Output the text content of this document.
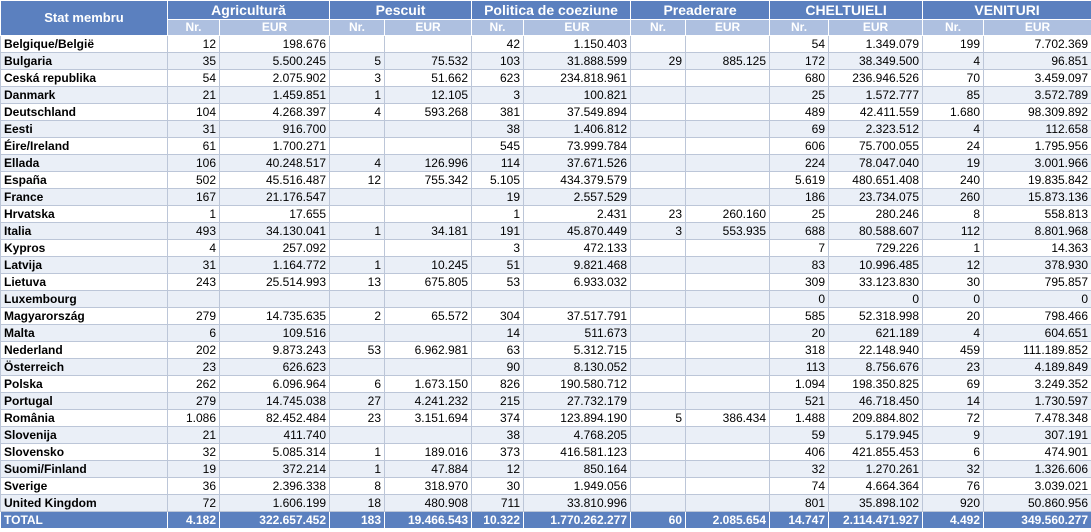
Stat membru	Agricultură		Pescuit		Politica de coeziune		Preaderare		CHELTUIELI		VENITURI	
	Nr.	EUR	Nr.	EUR	Nr.	EUR	Nr.	EUR	Nr.	EUR	Nr.	EUR
Belgique/België	12	198.676			42	1.150.403			54	1.349.079	199	7.702.369
Bulgaria	35	5.500.245	5	75.532	103	31.888.599	29	885.125	172	38.349.500	4	96.851
Ceská republika	54	2.075.902	3	51.662	623	234.818.961			680	236.946.526	70	3.459.097
Danmark	21	1.459.851	1	12.105	3	100.821			25	1.572.777	85	3.572.789
Deutschland	104	4.268.397	4	593.268	381	37.549.894			489	42.411.559	1.680	98.309.892
Eesti	31	916.700			38	1.406.812			69	2.323.512	4	112.658
Éire/Ireland	61	1.700.271			545	73.999.784			606	75.700.055	24	1.795.956
Ellada	106	40.248.517	4	126.996	114	37.671.526			224	78.047.040	19	3.001.966
España	502	45.516.487	12	755.342	5.105	434.379.579			5.619	480.651.408	240	19.835.842
France	167	21.176.547			19	2.557.529			186	23.734.075	260	15.873.136
Hrvatska	1	17.655			1	2.431	23	260.160	25	280.246	8	558.813
Italia	493	34.130.041	1	34.181	191	45.870.449	3	553.935	688	80.588.607	112	8.801.968
Kypros	4	257.092			3	472.133			7	729.226	1	14.363
Latvija	31	1.164.772	1	10.245	51	9.821.468			83	10.996.485	12	378.930
Lietuva	243	25.514.993	13	675.805	53	6.933.032			309	33.123.830	30	795.857
Luxembourg									0	0	0	0
Magyarország	279	14.735.635	2	65.572	304	37.517.791			585	52.318.998	20	798.466
Malta	6	109.516			14	511.673			20	621.189	4	604.651
Nederland	202	9.873.243	53	6.962.981	63	5.312.715			318	22.148.940	459	111.189.852
Österreich	23	626.623			90	8.130.052			113	8.756.676	23	4.189.849
Polska	262	6.096.964	6	1.673.150	826	190.580.712			1.094	198.350.825	69	3.249.352
Portugal	279	14.745.038	27	4.241.232	215	27.732.179			521	46.718.450	14	1.730.597
România	1.086	82.452.484	23	3.151.694	374	123.894.190	5	386.434	1.488	209.884.802	72	7.478.348
Slovenija	21	411.740			38	4.768.205			59	5.179.945	9	307.191
Slovensko	32	5.085.314	1	189.016	373	416.581.123			406	421.855.453	6	474.901
Suomi/Finland	19	372.214	1	47.884	12	850.164			32	1.270.261	32	1.326.606
Sverige	36	2.396.338	8	318.970	30	1.949.056			74	4.664.364	76	3.039.021
United Kingdom	72	1.606.199	18	480.908	711	33.810.996			801	35.898.102	920	50.860.956
TOTAL	4.182	322.657.452	183	19.466.543	10.322	1.770.262.277	60	2.085.654	14.747	2.114.471.927	4.492	349.560.277
